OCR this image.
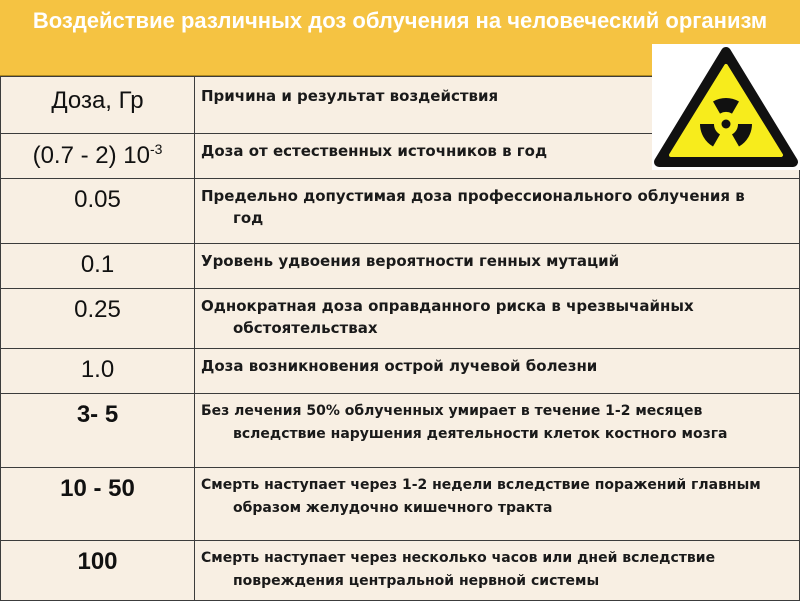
Воздействие различных доз облучения на человеческий организм
Доза, Гр	Причина и результат воздействия
(0.7 - 2) $10^{-3}$	Доза от естественных источников в год

0.05	Предельно допустимая доза профессионального облучения в год

0.1	Уровень удвоения вероятности генных мутаций

0.25	Однократная доза оправданного риска в чрезвычайных обстоятельствах

1.0	Доза возникновения острой лучевой болезни

3- 5	Без лечения 50% облученных умирает в течение 1-2 месяцев вследствие нарушения деятельности клеток костного мозга

10 - 50	Смерть наступает через 1-2 недели вследствие поражений главным образом желудочно кишечного тракта

100	Смерть наступает через несколько часов или дней вследствие повреждения центральной нервной системы
